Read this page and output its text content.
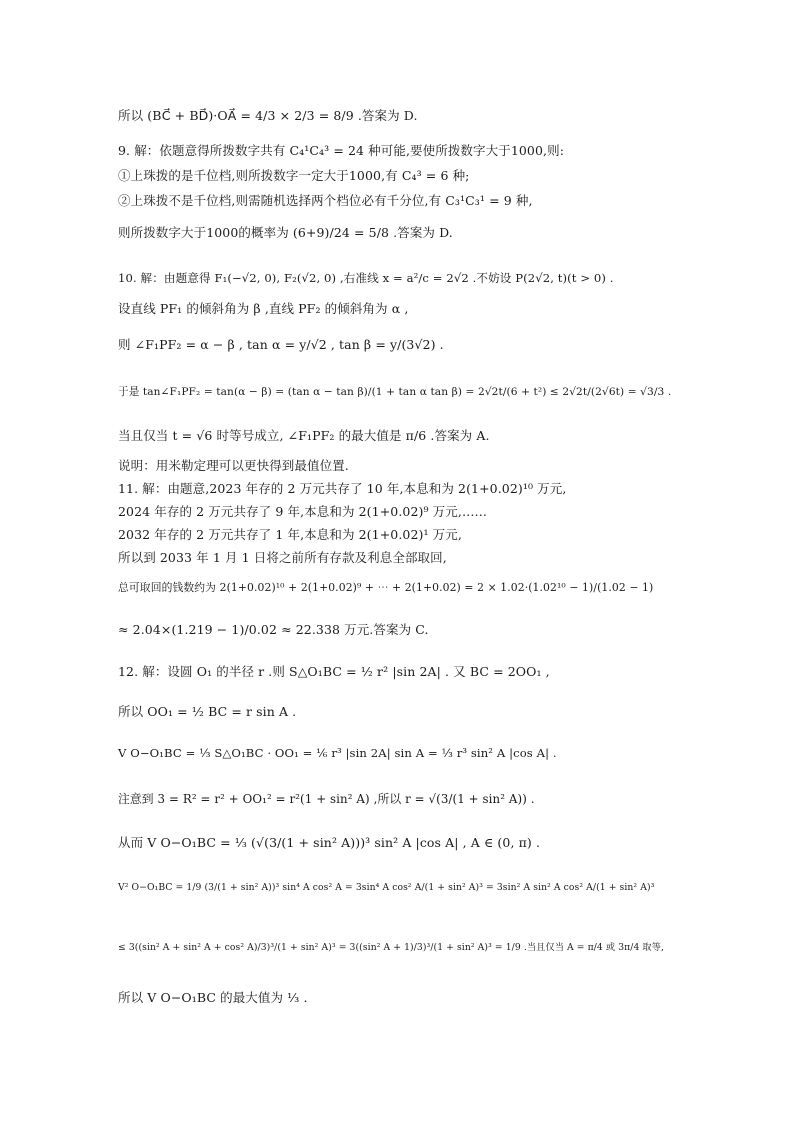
所以 (BC⃗ + BD⃗)·OA⃗ = 4/3 × 2/3 = 8/9 .答案为 D.
9. 解：依题意得所拨数字共有 C₄¹C₄³ = 24 种可能,要使所拨数字大于1000,则:
①上珠拨的是千位档,则所拨数字一定大于1000,有 C₄³ = 6 种;
②上珠拨不是千位档,则需随机选择两个档位必有千分位,有 C₃¹C₃¹ = 9 种,
则所拨数字大于1000的概率为 (6+9)/24 = 5/8 .答案为 D.
10. 解：由题意得 F₁(−√2, 0), F₂(√2, 0) ,右准线 x = a²/c = 2√2 .不妨设 P(2√2, t)(t > 0) .
设直线 PF₁ 的倾斜角为 β ,直线 PF₂ 的倾斜角为 α ,
则 ∠F₁PF₂ = α − β , tan α = y/√2 , tan β = y/(3√2) .
于是 tan∠F₁PF₂ = tan(α − β) = (tan α − tan β)/(1 + tan α tan β) = 2√2t/(6 + t²) ≤ 2√2t/(2√6t) = √3/3 .
当且仅当 t = √6 时等号成立, ∠F₁PF₂ 的最大值是 π/6 .答案为 A.
说明：用米勒定理可以更快得到最值位置.
11. 解：由题意,2023 年存的 2 万元共存了 10 年,本息和为 2(1+0.02)¹⁰ 万元,
2024 年存的 2 万元共存了 9 年,本息和为 2(1+0.02)⁹ 万元,……
2032 年存的 2 万元共存了 1 年,本息和为 2(1+0.02)¹ 万元,
所以到 2033 年 1 月 1 日将之前所有存款及利息全部取回,
总可取回的钱数约为 2(1+0.02)¹⁰ + 2(1+0.02)⁹ + ⋯ + 2(1+0.02) = 2 × 1.02·(1.02¹⁰ − 1)/(1.02 − 1)
≈ 2.04×(1.219 − 1)/0.02 ≈ 22.338 万元.答案为 C.
12. 解：设圆 O₁ 的半径 r .则 S△O₁BC = ½ r² |sin 2A| . 又 BC = 2OO₁ ,
所以 OO₁ = ½ BC = r sin A .
V O−O₁BC = ⅓ S△O₁BC · OO₁ = ⅙ r³ |sin 2A| sin A = ⅓ r³ sin² A |cos A| .
注意到 3 = R² = r² + OO₁² = r²(1 + sin² A) ,所以 r = √(3/(1 + sin² A)) .
从而 V O−O₁BC = ⅓ (√(3/(1 + sin² A)))³ sin² A |cos A| , A ∈ (0, π) .
V² O−O₁BC = 1/9 (3/(1 + sin² A))³ sin⁴ A cos² A = 3sin⁴ A cos² A/(1 + sin² A)³ = 3sin² A sin² A cos² A/(1 + sin² A)³
≤ 3((sin² A + sin² A + cos² A)/3)³/(1 + sin² A)³ = 3((sin² A + 1)/3)³/(1 + sin² A)³ = 1/9 .当且仅当 A = π/4 或 3π/4 取等,
所以 V O−O₁BC 的最大值为 ⅓ .
